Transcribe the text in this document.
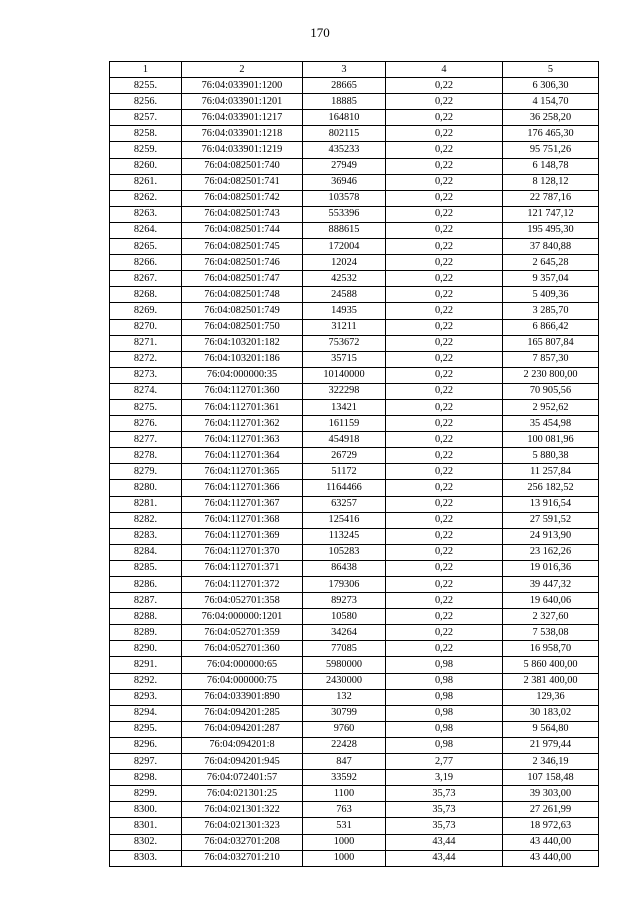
170
1	2	3	4	5
8255.	76:04:033901:1200	28665	0,22	6 306,30
8256.	76:04:033901:1201	18885	0,22	4 154,70
8257.	76:04:033901:1217	164810	0,22	36 258,20
8258.	76:04:033901:1218	802115	0,22	176 465,30
8259.	76:04:033901:1219	435233	0,22	95 751,26
8260.	76:04:082501:740	27949	0,22	6 148,78
8261.	76:04:082501:741	36946	0,22	8 128,12
8262.	76:04:082501:742	103578	0,22	22 787,16
8263.	76:04:082501:743	553396	0,22	121 747,12
8264.	76:04:082501:744	888615	0,22	195 495,30
8265.	76:04:082501:745	172004	0,22	37 840,88
8266.	76:04:082501:746	12024	0,22	2 645,28
8267.	76:04:082501:747	42532	0,22	9 357,04
8268.	76:04:082501:748	24588	0,22	5 409,36
8269.	76:04:082501:749	14935	0,22	3 285,70
8270.	76:04:082501:750	31211	0,22	6 866,42
8271.	76:04:103201:182	753672	0,22	165 807,84
8272.	76:04:103201:186	35715	0,22	7 857,30
8273.	76:04:000000:35	10140000	0,22	2 230 800,00
8274.	76:04:112701:360	322298	0,22	70 905,56
8275.	76:04:112701:361	13421	0,22	2 952,62
8276.	76:04:112701:362	161159	0,22	35 454,98
8277.	76:04:112701:363	454918	0,22	100 081,96
8278.	76:04:112701:364	26729	0,22	5 880,38
8279.	76:04:112701:365	51172	0,22	11 257,84
8280.	76:04:112701:366	1164466	0,22	256 182,52
8281.	76:04:112701:367	63257	0,22	13 916,54
8282.	76:04:112701:368	125416	0,22	27 591,52
8283.	76:04:112701:369	113245	0,22	24 913,90
8284.	76:04:112701:370	105283	0,22	23 162,26
8285.	76:04:112701:371	86438	0,22	19 016,36
8286.	76:04:112701:372	179306	0,22	39 447,32
8287.	76:04:052701:358	89273	0,22	19 640,06
8288.	76:04:000000:1201	10580	0,22	2 327,60
8289.	76:04:052701:359	34264	0,22	7 538,08
8290.	76:04:052701:360	77085	0,22	16 958,70
8291.	76:04:000000:65	5980000	0,98	5 860 400,00
8292.	76:04:000000:75	2430000	0,98	2 381 400,00
8293.	76:04:033901:890	132	0,98	129,36
8294.	76:04:094201:285	30799	0,98	30 183,02
8295.	76:04:094201:287	9760	0,98	9 564,80
8296.	76:04:094201:8	22428	0,98	21 979,44
8297.	76:04:094201:945	847	2,77	2 346,19
8298.	76:04:072401:57	33592	3,19	107 158,48
8299.	76:04:021301:25	1100	35,73	39 303,00
8300.	76:04:021301:322	763	35,73	27 261,99
8301.	76:04:021301:323	531	35,73	18 972,63
8302.	76:04:032701:208	1000	43,44	43 440,00
8303.	76:04:032701:210	1000	43,44	43 440,00
